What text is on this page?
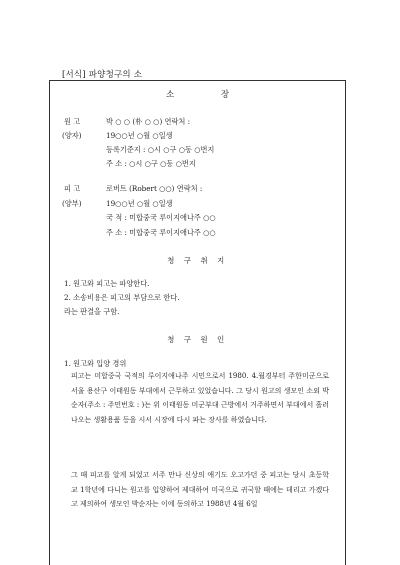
[서식] 파양청구의 소
소 장
원 고	박 ○ ○ (朴 ○ ○) 연락처 :
(양자)	19○○년 ○월 ○일생
등록기준지 : ○시 ○구 ○동 ○번지
주 소 : ○시 ○구 ○동 ○번지
피 고	로버트 (Robert ○○) 연락처 :
(양부)	19○○년 ○월 ○일생
국 적 : 미합중국 루이지애나주 ○○
주 소 : 미합중국 루이지애나주 ○○
청 구 취 지
1. 원고와 피고는 파양한다.
2. 소송비용은 피고의 부담으로 한다.
라는 판결을 구함.
청 구 원 인
1. 원고와 입양 경위
피고는 미합중국 국적의 루이지애나주 시민으로서 1980. 4.월경부터 주한미군으로 서울 용산구 이태원동 부대에서 근무하고 있었습니다. 그 당시 원고의 생모인 소외 박순자(주소 : 주민번호 : )는 위 이태원동 미군부대 근방에서 거주하면서 부대에서 흘러나오는 생활용품 등을 시서 시장에 다시 파는 장사를 하였습니다.
그 때 피고를 알게 되었고 서주 만나 신상의 애기도 오고가던 중 피고는 당시 초등학교 1학년에 다니는 원고를 입양하여 제대하여 미국으로 귀국할 때에는 데리고 가겠다고 제의하여 생모인 박순자는 이에 동의하고 1988년 4월 6일
